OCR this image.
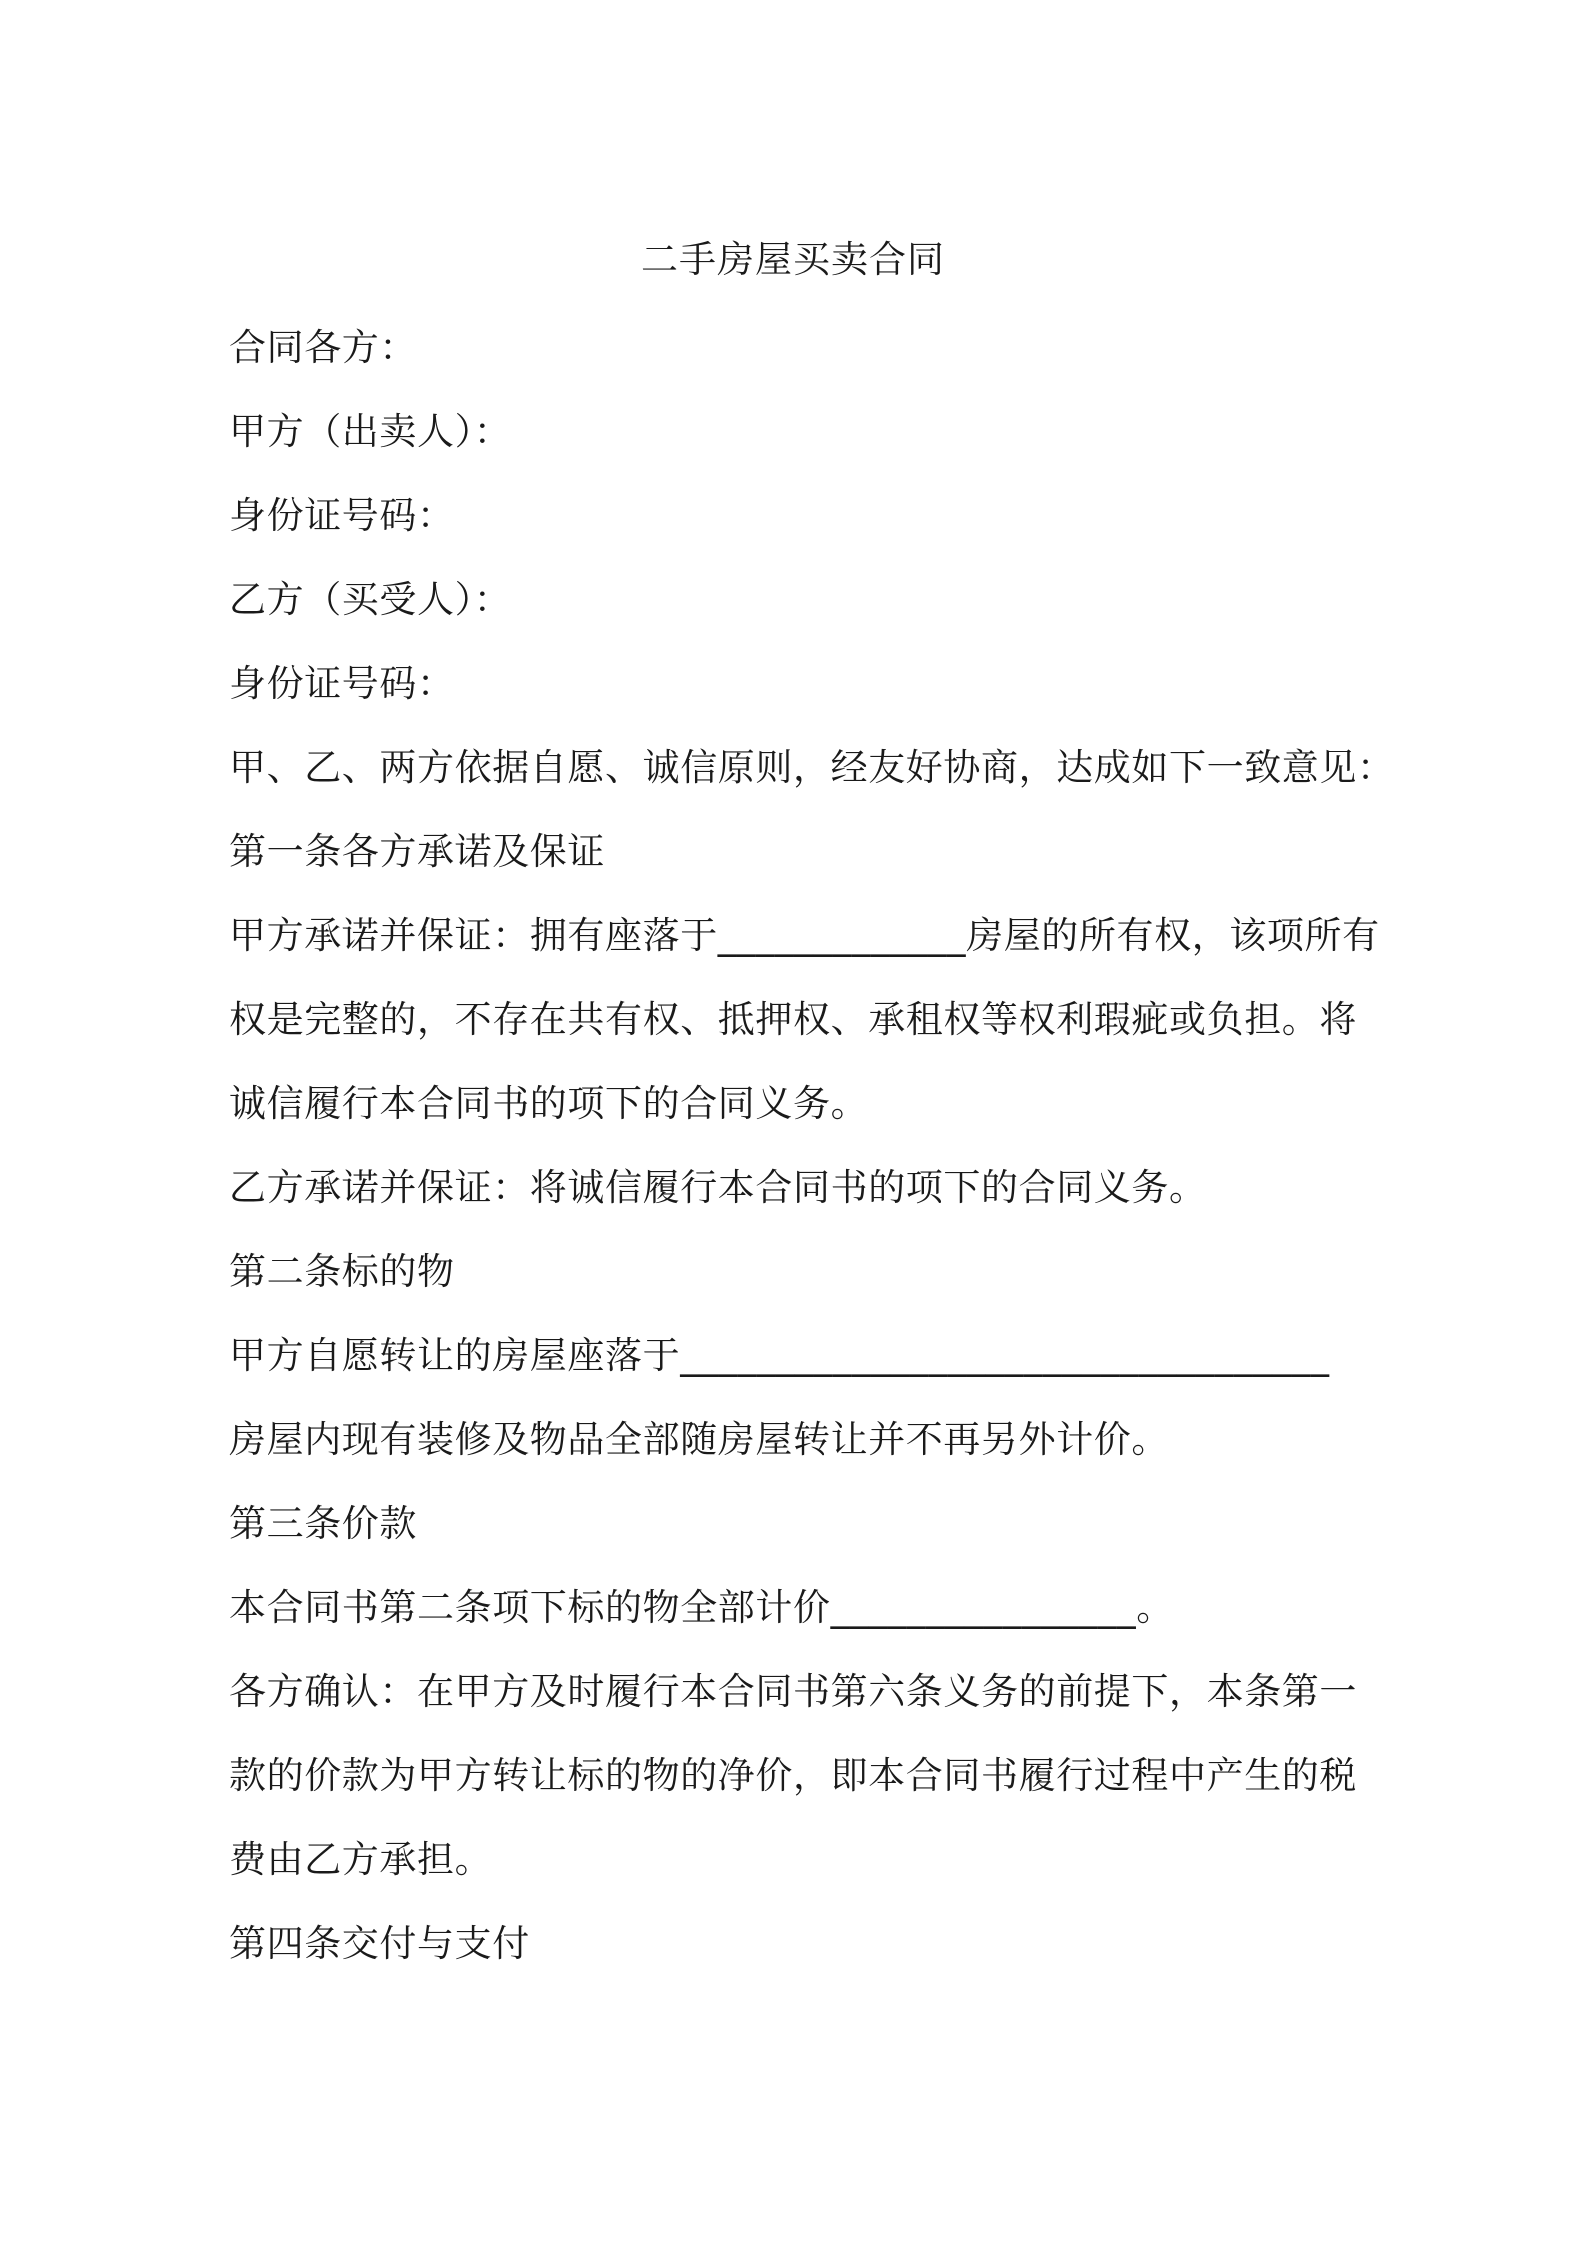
二手房屋买卖合同
合同各方：
甲方（出卖人）：
身份证号码：
乙方（买受人）：
身份证号码：
甲、乙、两方依据自愿、诚信原则，经友好协商，达成如下一致意见：
第一条各方承诺及保证
甲方承诺并保证：拥有座落于_____________房屋的所有权，该项所有
权是完整的，不存在共有权、抵押权、承租权等权利瑕疵或负担。将
诚信履行本合同书的项下的合同义务。
乙方承诺并保证：将诚信履行本合同书的项下的合同义务。
第二条标的物
甲方自愿转让的房屋座落于__________________________________
房屋内现有装修及物品全部随房屋转让并不再另外计价。
第三条价款
本合同书第二条项下标的物全部计价________________。
各方确认：在甲方及时履行本合同书第六条义务的前提下，本条第一
款的价款为甲方转让标的物的净价，即本合同书履行过程中产生的税
费由乙方承担。
第四条交付与支付
